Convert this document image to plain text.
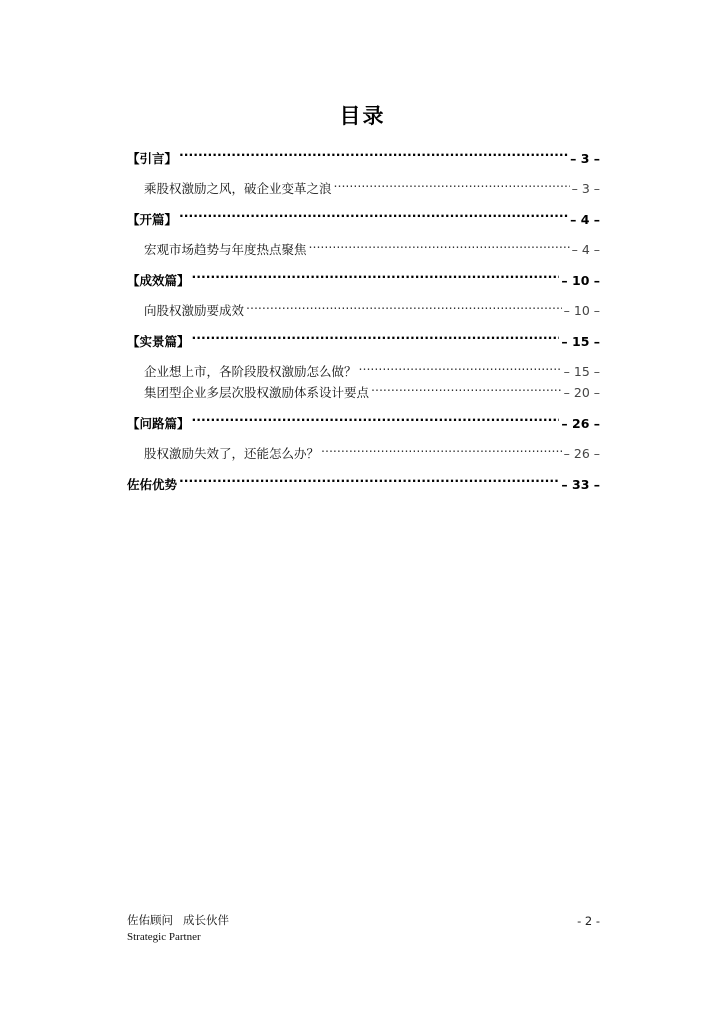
目录
【引言】 .....	– 3 –
乘股权激励之风，破企业变革之浪 .....	– 3 –
【开篇】 .....	– 4 –
宏观市场趋势与年度热点聚焦 .....	– 4 –
【成效篇】 .....	– 10 –
向股权激励要成效 .....	– 10 –
【实景篇】 .....	– 15 –
企业想上市，各阶段股权激励怎么做？ .....	– 15 –
集团型企业多层次股权激励体系设计要点 .....	– 20 –
【问路篇】 .....	– 26 –
股权激励失效了，还能怎么办？ .....	– 26 –
佐佑优势 .....	– 33 –
佐佑顾问 成长伙伴
Strategic Partner
- 2 -
